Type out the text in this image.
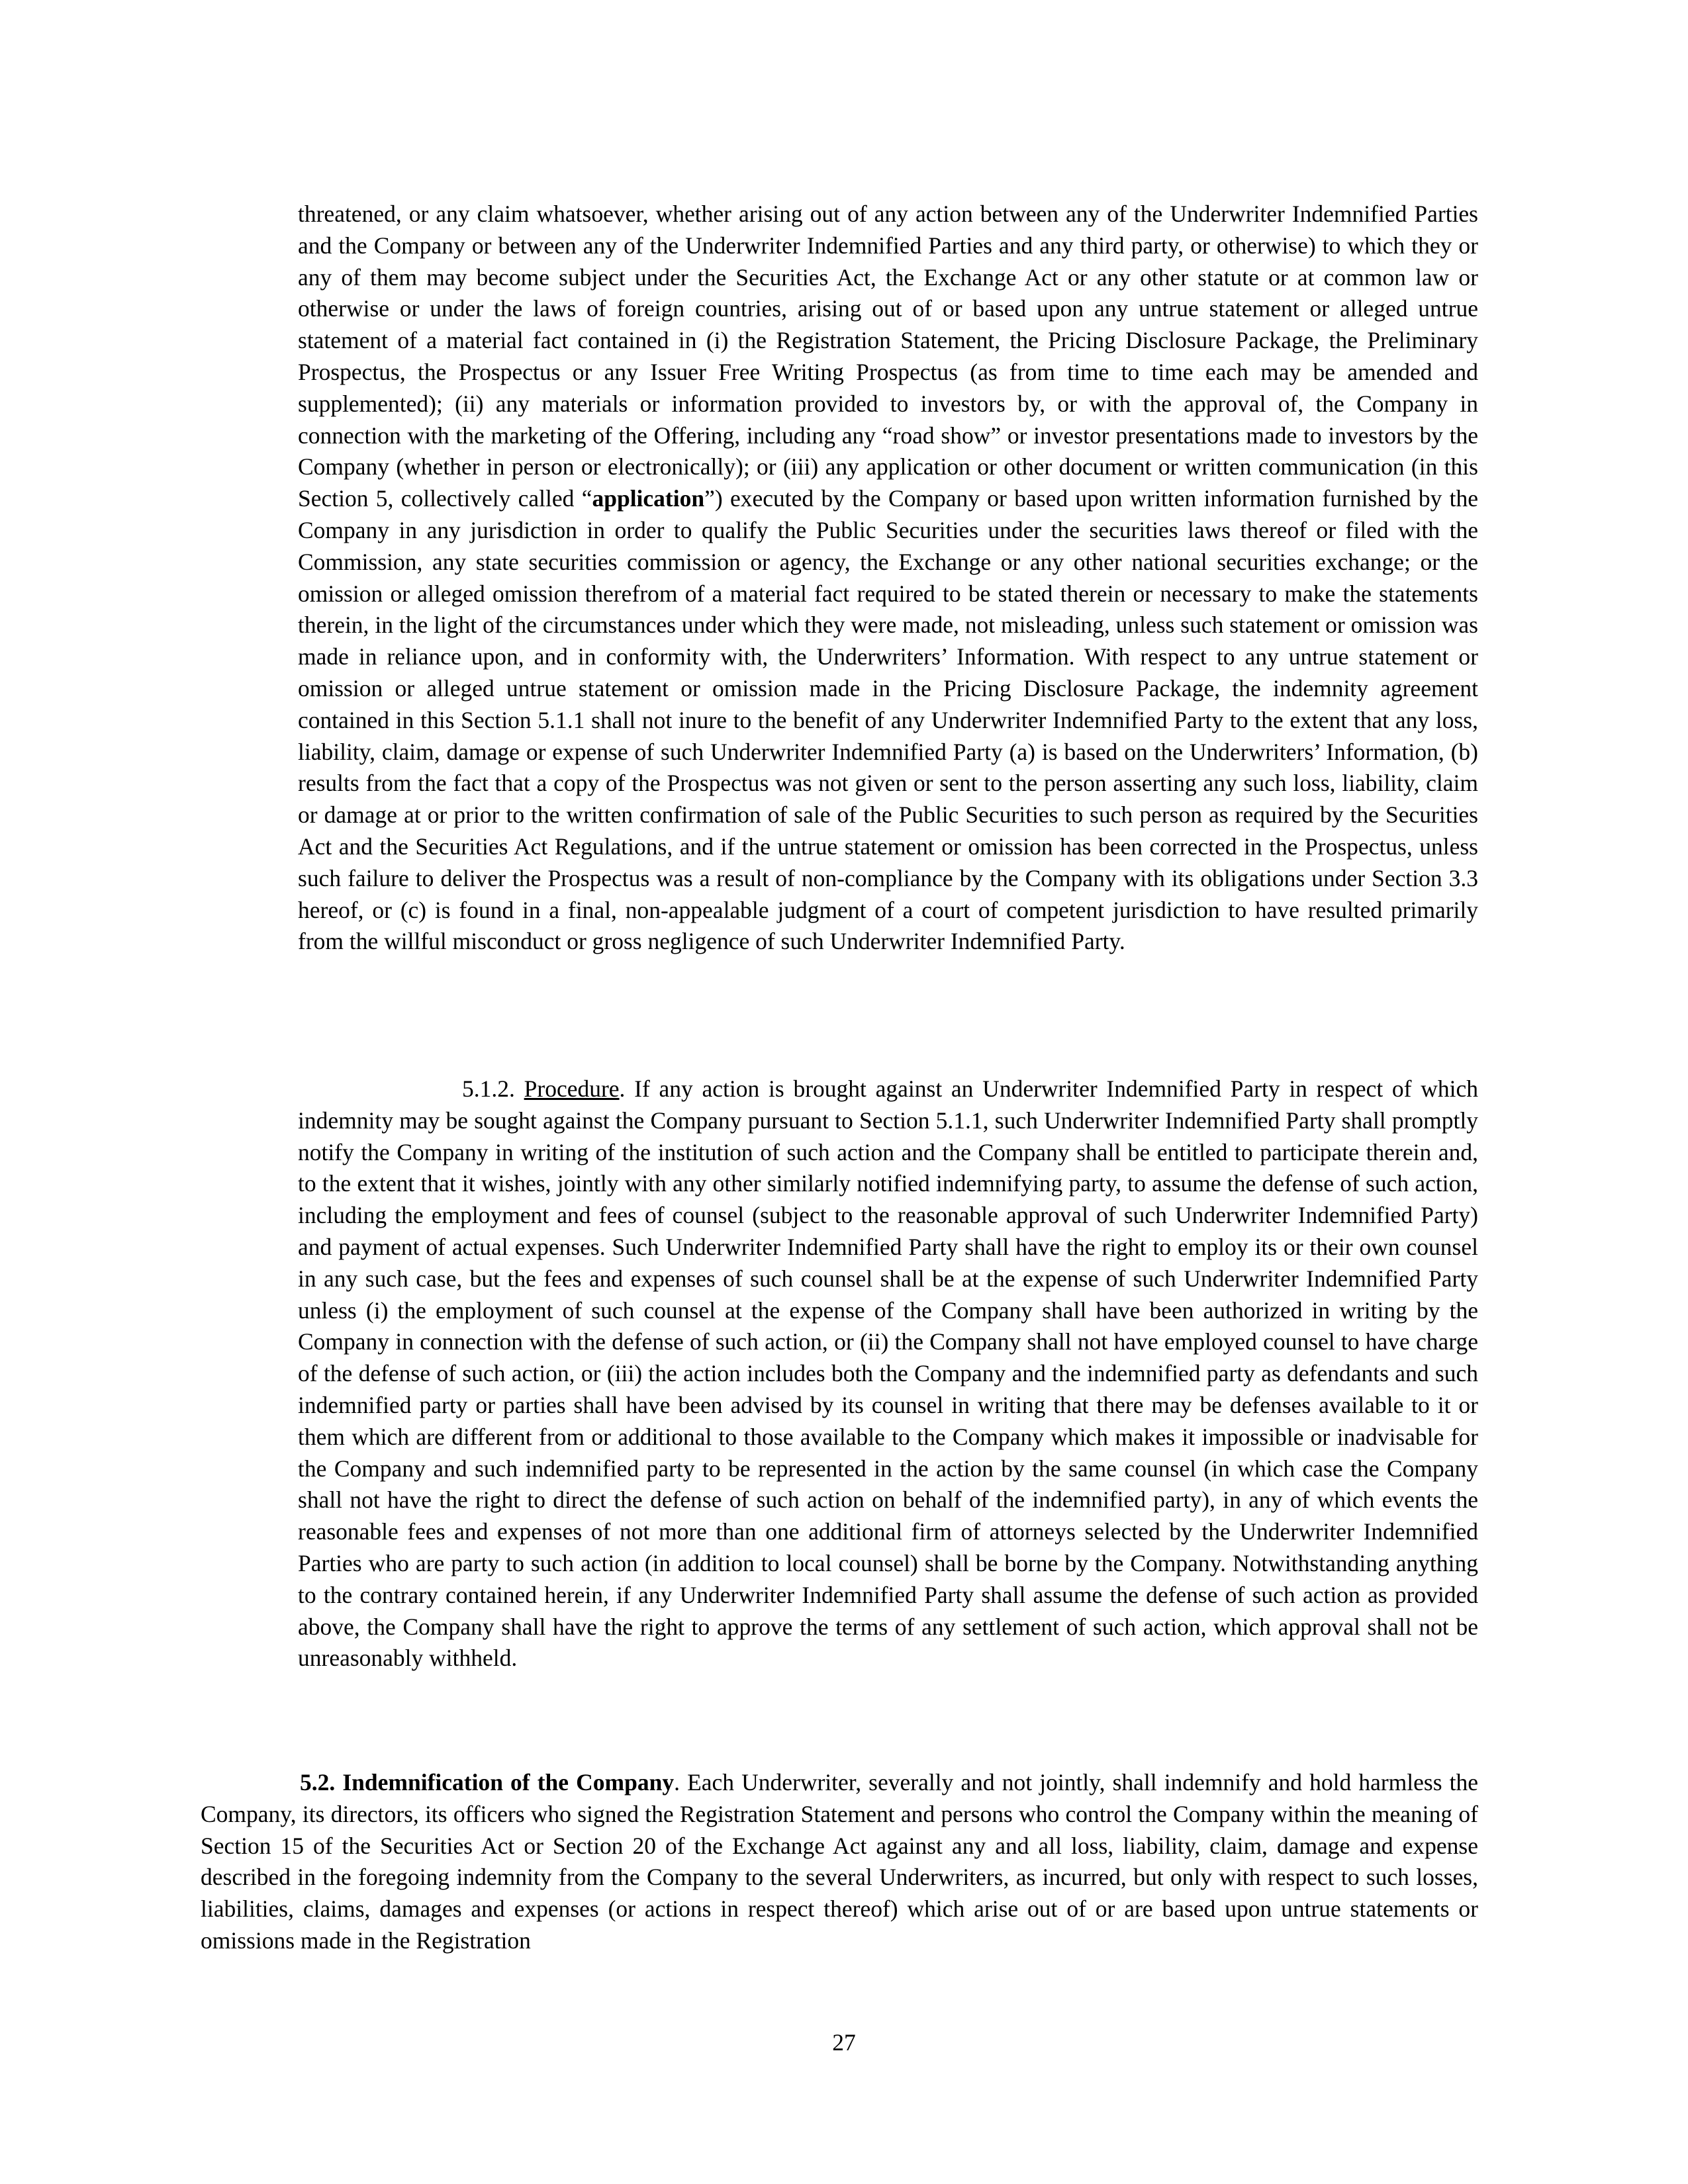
threatened, or any claim whatsoever, whether arising out of any action between any of the Underwriter Indemnified Parties and the Company or between any of the Underwriter Indemnified Parties and any third party, or otherwise) to which they or any of them may become subject under the Securities Act, the Exchange Act or any other statute or at common law or otherwise or under the laws of foreign countries, arising out of or based upon any untrue statement or alleged untrue statement of a material fact contained in (i) the Registration Statement, the Pricing Disclosure Package, the Preliminary Prospectus, the Prospectus or any Issuer Free Writing Prospectus (as from time to time each may be amended and supplemented); (ii) any materials or information provided to investors by, or with the approval of, the Company in connection with the marketing of the Offering, including any “road show” or investor presentations made to investors by the Company (whether in person or electronically); or (iii) any application or other document or written communication (in this Section 5, collectively called “application”) executed by the Company or based upon written information furnished by the Company in any jurisdiction in order to qualify the Public Securities under the securities laws thereof or filed with the Commission, any state securities commission or agency, the Exchange or any other national securities exchange; or the omission or alleged omission therefrom of a material fact required to be stated therein or necessary to make the statements therein, in the light of the circumstances under which they were made, not misleading, unless such statement or omission was made in reliance upon, and in conformity with, the Underwriters’ Information. With respect to any untrue statement or omission or alleged untrue statement or omission made in the Pricing Disclosure Package, the indemnity agreement contained in this Section 5.1.1 shall not inure to the benefit of any Underwriter Indemnified Party to the extent that any loss, liability, claim, damage or expense of such Underwriter Indemnified Party (a) is based on the Underwriters’ Information, (b) results from the fact that a copy of the Prospectus was not given or sent to the person asserting any such loss, liability, claim or damage at or prior to the written confirmation of sale of the Public Securities to such person as required by the Securities Act and the Securities Act Regulations, and if the untrue statement or omission has been corrected in the Prospectus, unless such failure to deliver the Prospectus was a result of non-compliance by the Company with its obligations under Section 3.3 hereof, or (c) is found in a final, non-appealable judgment of a court of competent jurisdiction to have resulted primarily from the willful misconduct or gross negligence of such Underwriter Indemnified Party.

5.1.2. Procedure. If any action is brought against an Underwriter Indemnified Party in respect of which indemnity may be sought against the Company pursuant to Section 5.1.1, such Underwriter Indemnified Party shall promptly notify the Company in writing of the institution of such action and the Company shall be entitled to participate therein and, to the extent that it wishes, jointly with any other similarly notified indemnifying party, to assume the defense of such action, including the employment and fees of counsel (subject to the reasonable approval of such Underwriter Indemnified Party) and payment of actual expenses. Such Underwriter Indemnified Party shall have the right to employ its or their own counsel in any such case, but the fees and expenses of such counsel shall be at the expense of such Underwriter Indemnified Party unless (i) the employment of such counsel at the expense of the Company shall have been authorized in writing by the Company in connection with the defense of such action, or (ii) the Company shall not have employed counsel to have charge of the defense of such action, or (iii) the action includes both the Company and the indemnified party as defendants and such indemnified party or parties shall have been advised by its counsel in writing that there may be defenses available to it or them which are different from or additional to those available to the Company which makes it impossible or inadvisable for the Company and such indemnified party to be represented in the action by the same counsel (in which case the Company shall not have the right to direct the defense of such action on behalf of the indemnified party), in any of which events the reasonable fees and expenses of not more than one additional firm of attorneys selected by the Underwriter Indemnified Parties who are party to such action (in addition to local counsel) shall be borne by the Company. Notwithstanding anything to the contrary contained herein, if any Underwriter Indemnified Party shall assume the defense of such action as provided above, the Company shall have the right to approve the terms of any settlement of such action, which approval shall not be unreasonably withheld.

5.2. Indemnification of the Company. Each Underwriter, severally and not jointly, shall indemnify and hold harmless the Company, its directors, its officers who signed the Registration Statement and persons who control the Company within the meaning of Section 15 of the Securities Act or Section 20 of the Exchange Act against any and all loss, liability, claim, damage and expense described in the foregoing indemnity from the Company to the several Underwriters, as incurred, but only with respect to such losses, liabilities, claims, damages and expenses (or actions in respect thereof) which arise out of or are based upon untrue statements or omissions made in the Registration

27
